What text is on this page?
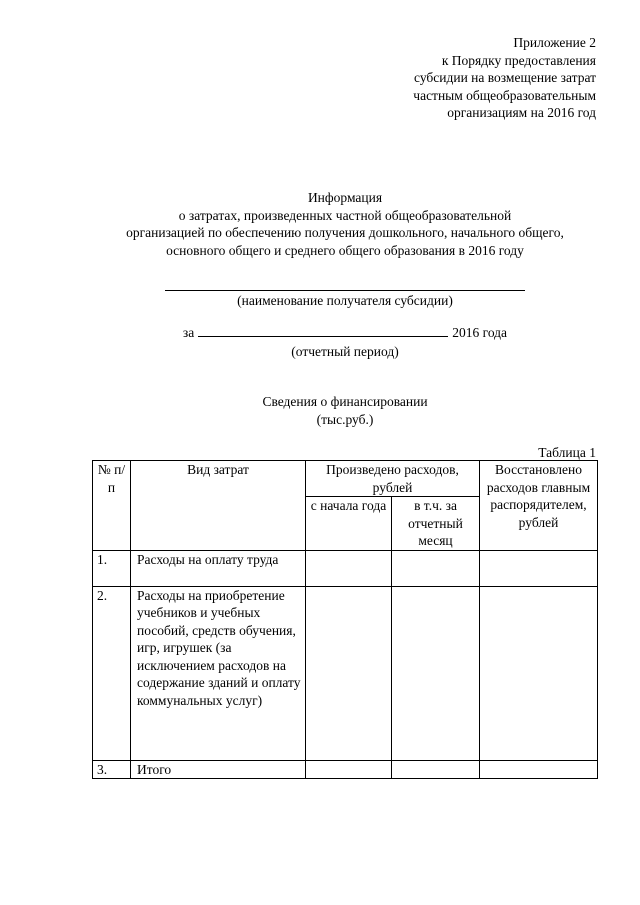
Приложение 2
к Порядку предоставления
субсидии на возмещение затрат
частным общеобразовательным
организациям на 2016 год
Информация
о затратах, произведенных частной общеобразовательной
организацией по обеспечению получения дошкольного, начального общего,
основного общего и среднего общего образования в 2016 году
(наименование получателя субсидии)
за	2016 года
(отчетный период)
Сведения о финансировании
(тыс.руб.)
Таблица 1
№ п/п	Вид затрат	Произведено расходов, рублей		Восстановлено расходов главным распорядителем, рублей
		с начала года	в т.ч. за отчетный месяц	
1.	Расходы на оплату труда			
2.	Расходы на приобретение учебников и учебных пособий, средств обучения, игр, игрушек (за исключением расходов на содержание зданий и оплату коммунальных услуг)			
3.	Итого			
